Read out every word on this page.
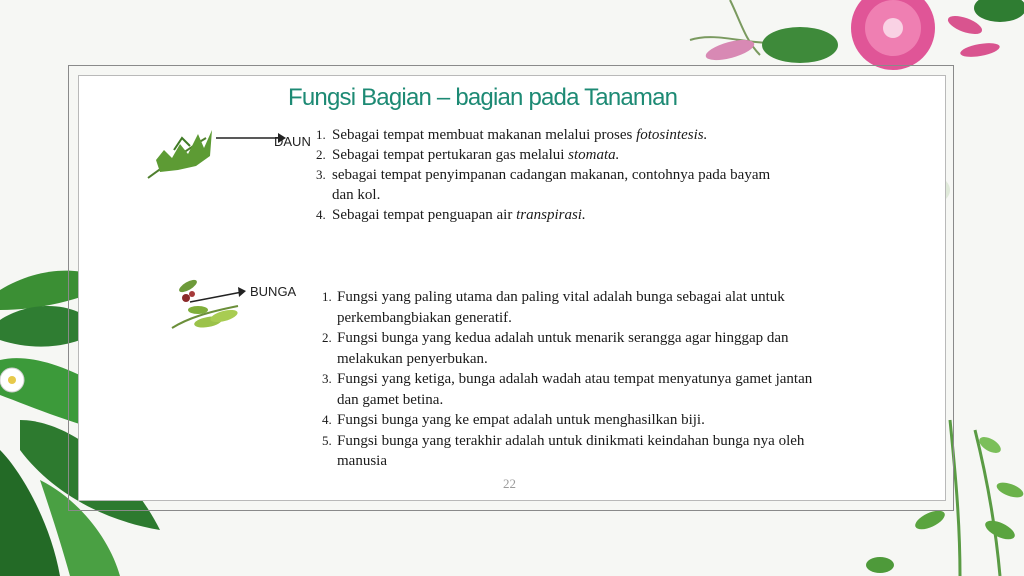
Fungsi Bagian – bagian pada Tanaman
DAUN 1. Sebagai tempat membuat makanan melalui proses fotosintesis.
2. Sebagai tempat pertukaran gas melalui stomata.
3. sebagai tempat penyimpanan cadangan makanan, contohnya pada bayam dan kol.
4. Sebagai tempat penguapan air transpirasi.
BUNGA 1. Fungsi yang paling utama dan paling vital adalah bunga sebagai alat untuk perkembangbiakan generatif.
2. Fungsi bunga yang kedua adalah untuk menarik serangga agar hinggap dan melakukan penyerbukan.
3. Fungsi yang ketiga, bunga adalah wadah atau tempat menyatunya gamet jantan dan gamet betina.
4. Fungsi bunga yang ke empat adalah untuk menghasilkan biji.
5. Fungsi bunga yang terakhir adalah untuk dinikmati keindahan bunga nya oleh manusia
22
